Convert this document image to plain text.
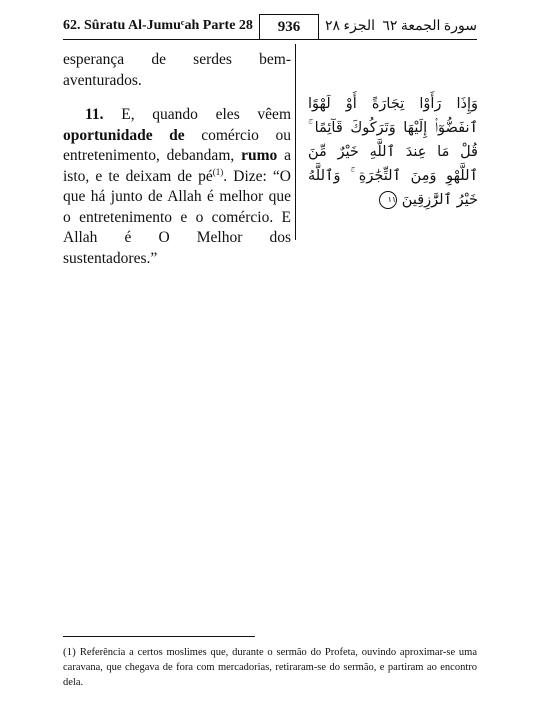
62. Sûratu Al-Jumuᶜah Parte 28	936	الجزء ٢٨ سورة الجمعة ٦٢

esperança de serdes bem-aventurados.

11. E, quando eles vêem oportunidade de comércio ou entretenimento, debandam, rumo a isto, e te deixam de $pé^{(1)}$. Dize: “O que há junto de Allah é melhor que o entretenimento e o comércio. E Allah é O Melhor dos sustentadores.”

وَإِذَا رَأَوْا تِجَارَةً أَوْ لَهْوًا ٱنفَضُّوٓا۟ إِلَيْهَا وَتَرَكُوكَ قَآئِمًا ۚ قُلْ مَا عِندَ ٱللَّهِ خَيْرٌ مِّنَ ٱللَّهْوِ وَمِنَ ٱلتِّجَٰرَةِ ۚ وَٱللَّهُ خَيْرُ ٱلرَّٰزِقِينَ ١١

(1) Referência a certos moslimes que, durante o sermão do Profeta, ouvindo aproximar-se uma caravana, que chegava de fora com mercadorias, retiraram-se do sermão, e partiram ao encontro dela.
